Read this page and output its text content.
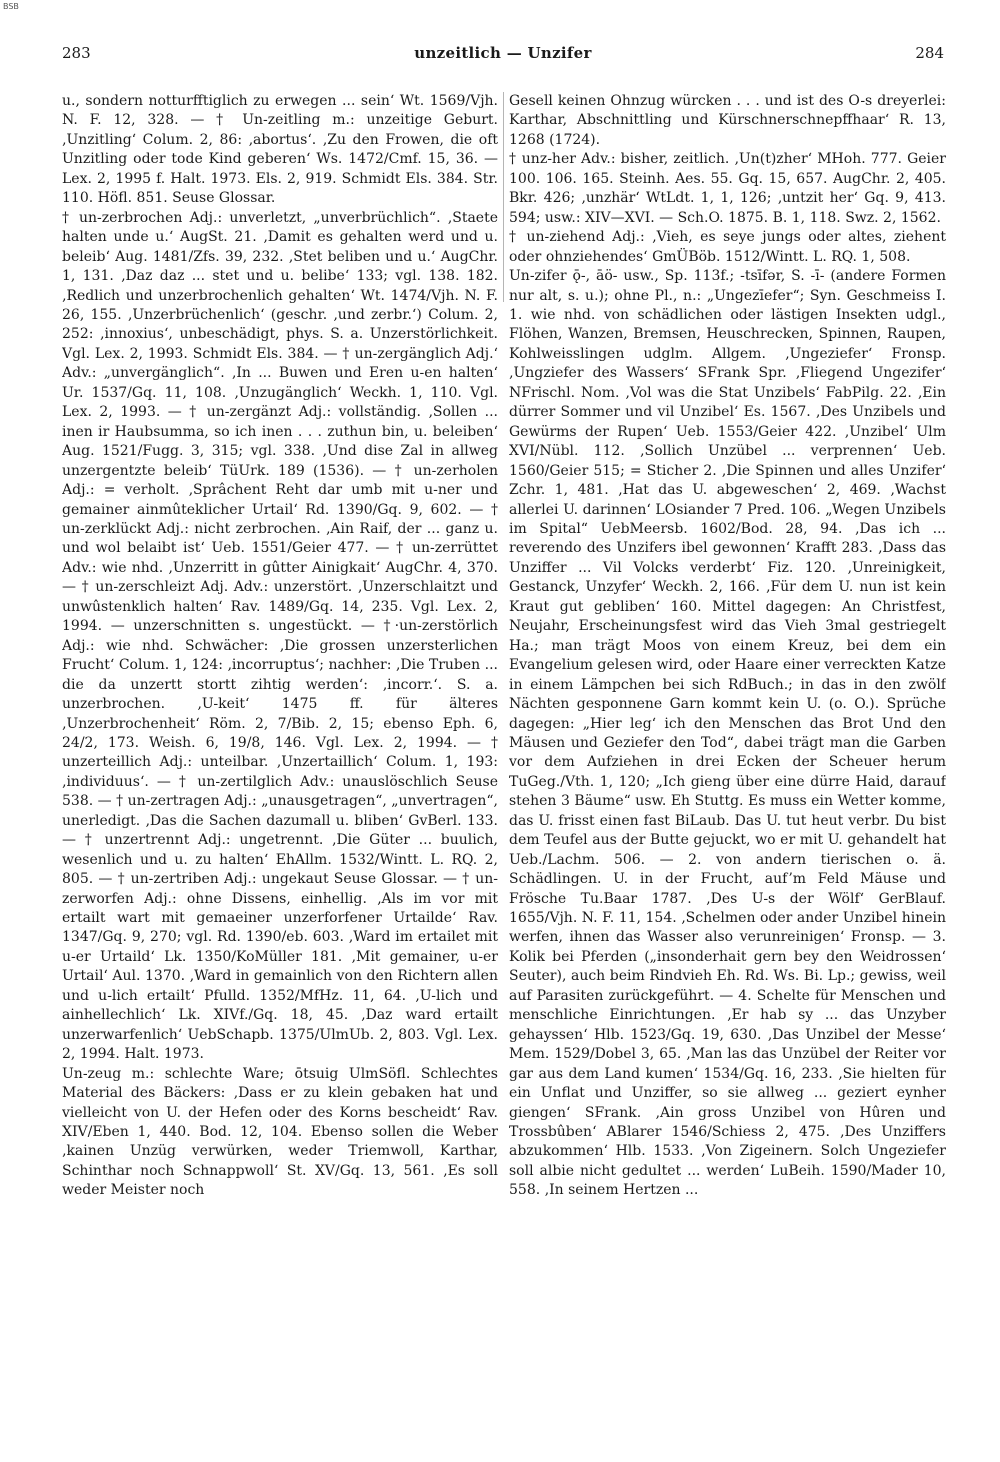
BSB
283	unzeitlich — Unzifer	284

u., sondern notturfftiglich zu erwegen ... sein‘ Wt. 1569/Vjh. N. F. 12, 328. — † Un-zeitling m.: unzeitige Geburt. ‚Unzitling‘ Colum. 2, 86: ‚abortus‘. ‚Zu den Frowen, die oft Unzitling oder tode Kind geberen‘ Ws. 1472/Cmf. 15, 36. — Lex. 2, 1995 f. Halt. 1973. Els. 2, 919. Schmidt Els. 384. Str. 110. Höfl. 851. Seuse Glossar.

† un-zerbrochen Adj.: unverletzt, „unverbrüchlich“. ‚Staete halten unde u.‘ AugSt. 21. ‚Damit es gehalten werd und u. beleib‘ Aug. 1481/Zfs. 39, 232. ‚Stet beliben und u.‘ AugChr. 1, 131. ‚Daz daz ... stet und u. belibe‘ 133; vgl. 138. 182. ‚Redlich und unzerbrochenlich gehalten‘ Wt. 1474/Vjh. N. F. 26, 155. ‚Unzerbrüchenlich‘ (geschr. ‚und zerbr.‘) Colum. 2, 252: ‚innoxius‘, unbeschädigt, phys. S. a. Unzerstörlichkeit. Vgl. Lex. 2, 1993. Schmidt Els. 384. — † un-zergänglich Adj.‘ Adv.: „unvergänglich“. ‚In ... Buwen und Eren u-en halten‘ Ur. 1537/Gq. 11, 108. ‚Unzugänglich‘ Weckh. 1, 110. Vgl. Lex. 2, 1993. — † un-zergänzt Adj.: vollständig. ‚Sollen ... inen ir Haubsumma, so ich inen . . . zuthun bin, u. beleiben‘ Aug. 1521/Fugg. 3, 315; vgl. 338. ‚Und dise Zal in allweg unzergentzte beleib‘ TüUrk. 189 (1536). — † un-zerholen Adj.: = verholt. ‚Sprâchent Reht dar umb mit u-ner und gemainer ainmûteklicher Urtail‘ Rd. 1390/Gq. 9, 602. — † un-zerklückt Adj.: nicht zerbrochen. ‚Ain Raif, der ... ganz u. und wol belaibt ist‘ Ueb. 1551/Geier 477. — † un-zerrüttet Adv.: wie nhd. ‚Unzerritt in gûtter Ainigkait‘ AugChr. 4, 370. — † un-zerschleizt Adj. Adv.: unzerstört. ‚Unzerschlaitzt und unwûstenklich halten‘ Rav. 1489/Gq. 14, 235. Vgl. Lex. 2, 1994. — unzerschnitten s. ungestückt. — †·un-zerstörlich Adj.: wie nhd. Schwächer: ‚Die grossen unzersterlichen Frucht‘ Colum. 1, 124: ‚incorruptus‘; nachher: ‚Die Truben ... die da unzertt stortt zihtig werden‘: ‚incorr.‘. S. a. unzerbrochen. ‚U-keit‘ 1475 ff. für älteres ‚Unzerbrochenheit‘ Röm. 2, 7/Bib. 2, 15; ebenso Eph. 6, 24/2, 173. Weish. 6, 19/8, 146. Vgl. Lex. 2, 1994. — † unzerteillich Adj.: unteilbar. ‚Unzertaillich‘ Colum. 1, 193: ‚individuus‘. — † un-zertilglich Adv.: unauslöschlich Seuse 538. — † un-zertragen Adj.: „unausgetragen“, „unvertragen“, unerledigt. ‚Das die Sachen dazumall u. bliben‘ GvBerl. 133. — † unzertrennt Adj.: ungetrennt. ‚Die Güter ... buulich, wesenlich und u. zu halten‘ EhAllm. 1532/Wintt. L. RQ. 2, 805. — † un-zertriben Adj.: ungekaut Seuse Glossar. — † un-zerworfen Adj.: ohne Dissens, einhellig. ‚Als im vor mit ertailt wart mit gemaeiner unzerforfener Urtailde‘ Rav. 1347/Gq. 9, 270; vgl. Rd. 1390/eb. 603. ‚Ward im ertailet mit u-er Urtaild‘ Lk. 1350/KoMüller 181. ‚Mit gemainer, u-er Urtail‘ Aul. 1370. ‚Ward in gemainlich von den Richtern allen und u-lich ertailt‘ Pfulld. 1352/MfHz. 11, 64. ‚U-lich und ainhellechlich‘ Lk. XIVf./Gq. 18, 45. ‚Daz ward ertailt unzerwarfenlich‘ UebSchapb. 1375/UlmUb. 2, 803. Vgl. Lex. 2, 1994. Halt. 1973.

Un-zeug m.: schlechte Ware; ōtsuig UlmSöfl. Schlechtes Material des Bäckers: ‚Dass er zu klein gebaken hat und vielleicht von U. der Hefen oder des Korns bescheidt‘ Rav. XIV/Eben 1, 440. Bod. 12, 104. Ebenso sollen die Weber ‚kainen Unzüg verwürken, weder Triemwoll, Karthar, Schinthar noch Schnappwoll‘ St. XV/Gq. 13, 561. ‚Es soll weder Meister noch

Gesell keinen Ohnzug würcken . . . und ist des O-s dreyerlei: Karthar, Abschnittling und Kürschnerschnepffhaar‘ R. 13, 1268 (1724).

† unz-her Adv.: bisher, zeitlich. ‚Un(t)zher‘ MHoh. 777. Geier 100. 106. 165. Steinh. Aes. 55. Gq. 15, 657. AugChr. 2, 405. Bkr. 426; ‚unzhär‘ WtLdt. 1, 1, 126; ‚untzit her‘ Gq. 9, 413. 594; usw.: XIV—XVI. — Sch.O. 1875. B. 1, 118. Swz. 2, 1562.

† un-ziehend Adj.: ‚Vieh, es seye jungs oder altes, ziehent oder ohnziehendes‘ GmÜBöb. 1512/Wintt. L. RQ. 1, 508.

Un-zifer ǭ-, āö- usw., Sp. 113f.; -tsīfər, S. -ī- (andere Formen nur alt, s. u.); ohne Pl., n.: „Ungezīefer“; Syn. Geschmeiss I. 1. wie nhd. von schädlichen oder lästigen Insekten udgl., Flöhen, Wanzen, Bremsen, Heuschrecken, Spinnen, Raupen, Kohlweisslingen udglm. Allgem. ‚Ungeziefer‘ Fronsp. ‚Ungziefer des Wassers‘ SFrank Spr. ‚Fliegend Ungezifer‘ NFrischl. Nom. ‚Vol was die Stat Unzibels‘ FabPilg. 22. ‚Ein dürrer Sommer und vil Unzibel‘ Es. 1567. ‚Des Unzibels und Gewürms der Rupen‘ Ueb. 1553/Geier 422. ‚Unzibel‘ Ulm XVI/Nübl. 112. ‚Sollich Unzübel ... verprennen‘ Ueb. 1560/Geier 515; = Sticher 2. ‚Die Spinnen und alles Unzifer‘ Zchr. 1, 481. ‚Hat das U. abgeweschen‘ 2, 469. ‚Wachst allerlei U. darinnen‘ LOsiander 7 Pred. 106. „Wegen Unzibels im Spital“ UebMeersb. 1602/Bod. 28, 94. ‚Das ich ... reverendo des Unzifers ibel gewonnen‘ Krafft 283. ‚Dass das Unziffer ... Vil Volcks verderbt‘ Fiz. 120. ‚Unreinigkeit, Gestanck, Unzyfer‘ Weckh. 2, 166. ‚Für dem U. nun ist kein Kraut gut gebliben‘ 160. Mittel dagegen: An Christfest, Neujahr, Erscheinungsfest wird das Vieh 3mal gestriegelt Ha.; man trägt Moos von einem Kreuz, bei dem ein Evangelium gelesen wird, oder Haare einer verreckten Katze in einem Lämpchen bei sich RdBuch.; in das in den zwölf Nächten gesponnene Garn kommt kein U. (o. O.). Sprüche dagegen: „Hier leg‘ ich den Menschen das Brot Und den Mäusen und Geziefer den Tod“, dabei trägt man die Garben vor dem Aufziehen in drei Ecken der Scheuer herum TuGeg./Vth. 1, 120; „Ich gieng über eine dürre Haid, darauf stehen 3 Bäume“ usw. Eh Stuttg. Es muss ein Wetter komme, das U. frisst einen fast BiLaub. Das U. tut heut verbr. Du bist dem Teufel aus der Butte gejuckt, wo er mit U. gehandelt hat Ueb./Lachm. 506. — 2. von andern tierischen o. ä. Schädlingen. U. in der Frucht, auf’m Feld Mäuse und Frösche Tu.Baar 1787. ‚Des U-s der Wölf‘ GerBlauf. 1655/Vjh. N. F. 11, 154. ‚Schelmen oder ander Unzibel hinein werfen, ihnen das Wasser also verunreinigen‘ Fronsp. — 3. Kolik bei Pferden („insonderhait gern bey den Weidrossen‘ Seuter), auch beim Rindvieh Eh. Rd. Ws. Bi. Lp.; gewiss, weil auf Parasiten zurückgeführt. — 4. Schelte für Menschen und menschliche Einrichtungen. ‚Er hab sy ... das Unzyber gehayssen‘ Hlb. 1523/Gq. 19, 630. ‚Das Unzibel der Messe‘ Mem. 1529/Dobel 3, 65. ‚Man las das Unzübel der Reiter vor gar aus dem Land kumen‘ 1534/Gq. 16, 233. ‚Sie hielten für ein Unflat und Unziffer, so sie allweg ... geziert eynher giengen‘ SFrank. ‚Ain gross Unzibel von Hûren und Trossbûben‘ ABlarer 1546/Schiess 2, 475. ‚Des Unziffers abzukommen‘ Hlb. 1533. ‚Von Zigeinern. Solch Ungeziefer soll albie nicht gedultet ... werden‘ LuBeih. 1590/Mader 10, 558. ‚In seinem Hertzen ...
